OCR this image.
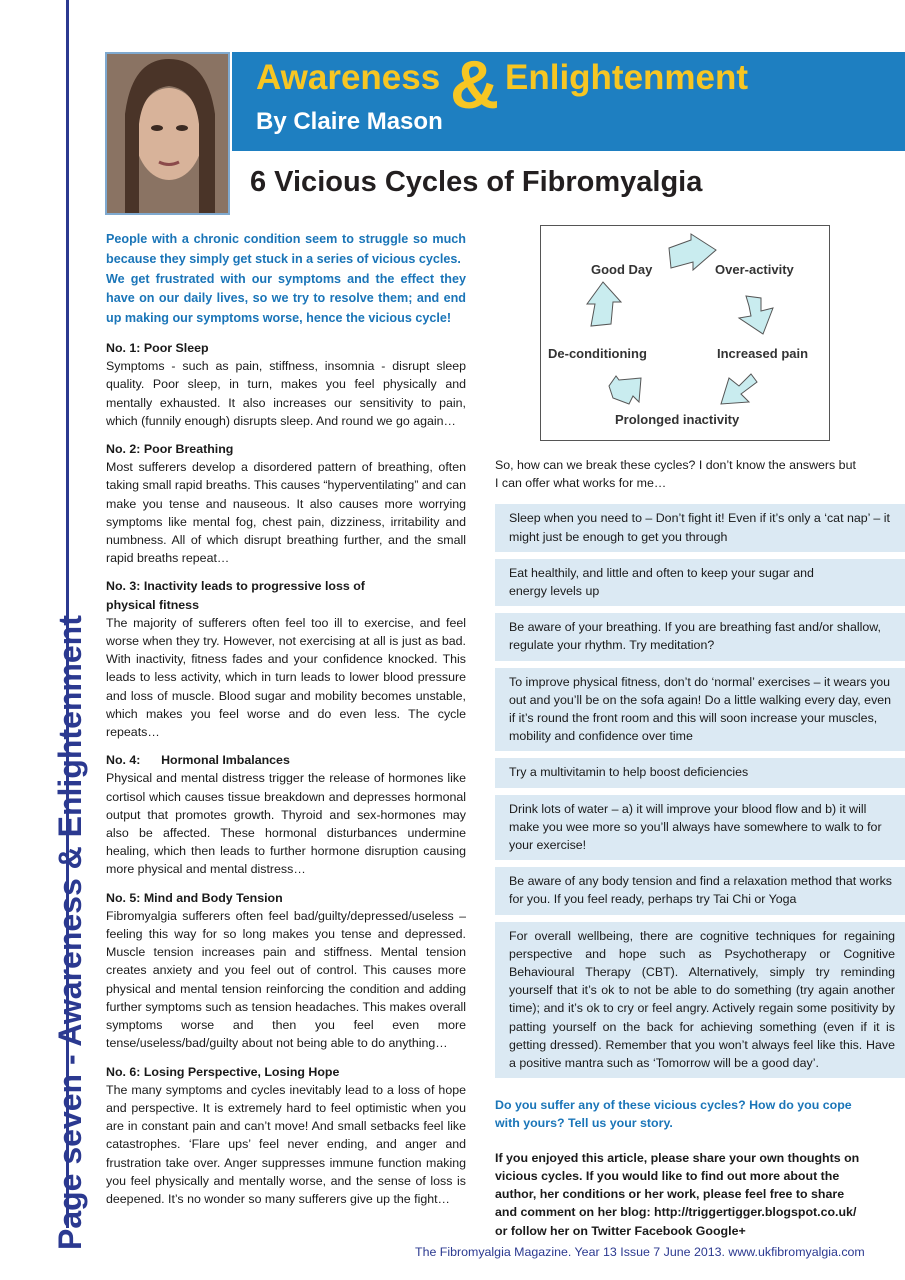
Page seven - Awareness & Enlightenment
Awareness & Enlightenment
By Claire Mason
6 Vicious Cycles of Fibromyalgia

People with a chronic condition seem to struggle so much because they simply get stuck in a series of vicious cycles.
We get frustrated with our symptoms and the effect they have on our daily lives, so we try to resolve them; and end up making our symptoms worse, hence the vicious cycle!

No. 1: Poor Sleep

Symptoms - such as pain, stiffness, insomnia - disrupt sleep quality. Poor sleep, in turn, makes you feel physically and mentally exhausted. It also increases our sensitivity to pain, which (funnily enough) disrupts sleep. And round we go again…

No. 2: Poor Breathing

Most sufferers develop a disordered pattern of breathing, often taking small rapid breaths. This causes “hyperventilating” and can make you tense and nauseous. It also causes more worrying symptoms like mental fog, chest pain, dizziness, irritability and numbness. All of which disrupt breathing further, and the small rapid breaths repeat…

No. 3: Inactivity leads to progressive loss of physical fitness

The majority of sufferers often feel too ill to exercise, and feel worse when they try. However, not exercising at all is just as bad. With inactivity, fitness fades and your confidence knocked. This leads to less activity, which in turn leads to lower blood pressure and loss of muscle. Blood sugar and mobility becomes unstable, which makes you feel worse and do even less. The cycle repeats…

No. 4:      Hormonal Imbalances

Physical and mental distress trigger the release of hormones like cortisol which causes tissue breakdown and depresses hormonal output that promotes growth. Thyroid and sex-hormones may also be affected. These hormonal disturbances undermine healing, which then leads to further hormone disruption causing more physical and mental distress…

No. 5: Mind and Body Tension

Fibromyalgia sufferers often feel bad/guilty/depressed/useless – feeling this way for so long makes you tense and depressed. Muscle tension increases pain and stiffness. Mental tension creates anxiety and you feel out of control. This causes more physical and mental tension reinforcing the condition and adding further symptoms such as tension headaches. This makes overall symptoms worse and then you feel even more tense/useless/bad/guilty about not being able to do anything…

No. 6: Losing Perspective, Losing Hope

The many symptoms and cycles inevitably lead to a loss of hope and perspective. It is extremely hard to feel optimistic when you are in constant pain and can’t move! And small setbacks feel like catastrophes. ‘Flare ups’ feel never ending, and anger and frustration take over. Anger suppresses immune function making you feel physically and mentally worse, and the sense of loss is deepened. It’s no wonder so many sufferers give up the fight…

Good Day	Over-activity
Increased pain
Prolonged inactivity
De-conditioning

So, how can we break these cycles? I don’t know the answers but I can offer what works for me…

Sleep when you need to – Don’t fight it! Even if it’s only a ‘cat nap’ – it might just be enough to get you through
Eat healthily, and little and often to keep your sugar and energy levels up
Be aware of your breathing. If you are breathing fast and/or shallow, regulate your rhythm. Try meditation?
To improve physical fitness, don’t do ‘normal’ exercises – it wears you out and you’ll be on the sofa again! Do a little walking every day, even if it’s round the front room and this will soon increase your muscles, mobility and confidence over time
Try a multivitamin to help boost deficiencies
Drink lots of water – a) it will improve your blood flow and b) it will make you wee more so you’ll always have somewhere to walk to for your exercise!
Be aware of any body tension and find a relaxation method that works for you. If you feel ready, perhaps try Tai Chi or Yoga
For overall wellbeing, there are cognitive techniques for regaining perspective and hope such as Psychotherapy or Cognitive Behavioural Therapy (CBT). Alternatively, simply try reminding yourself that it’s ok to not be able to do something (try again another time); and it’s ok to cry or feel angry. Actively regain some positivity by patting yourself on the back for achieving something (even if it is getting dressed). Remember that you won’t always feel like this. Have a positive mantra such as ‘Tomorrow will be a good day’.

Do you suffer any of these vicious cycles? How do you cope with yours? Tell us your story.

If you enjoyed this article, please share your own thoughts on vicious cycles. If you would like to find out more about the author, her conditions or her work, please feel free to share and comment on her blog: http://triggertigger.blogspot.co.uk/ or follow her on Twitter Facebook Google+

The Fibromyalgia Magazine. Year 13 Issue 7 June 2013. www.ukfibromyalgia.com
